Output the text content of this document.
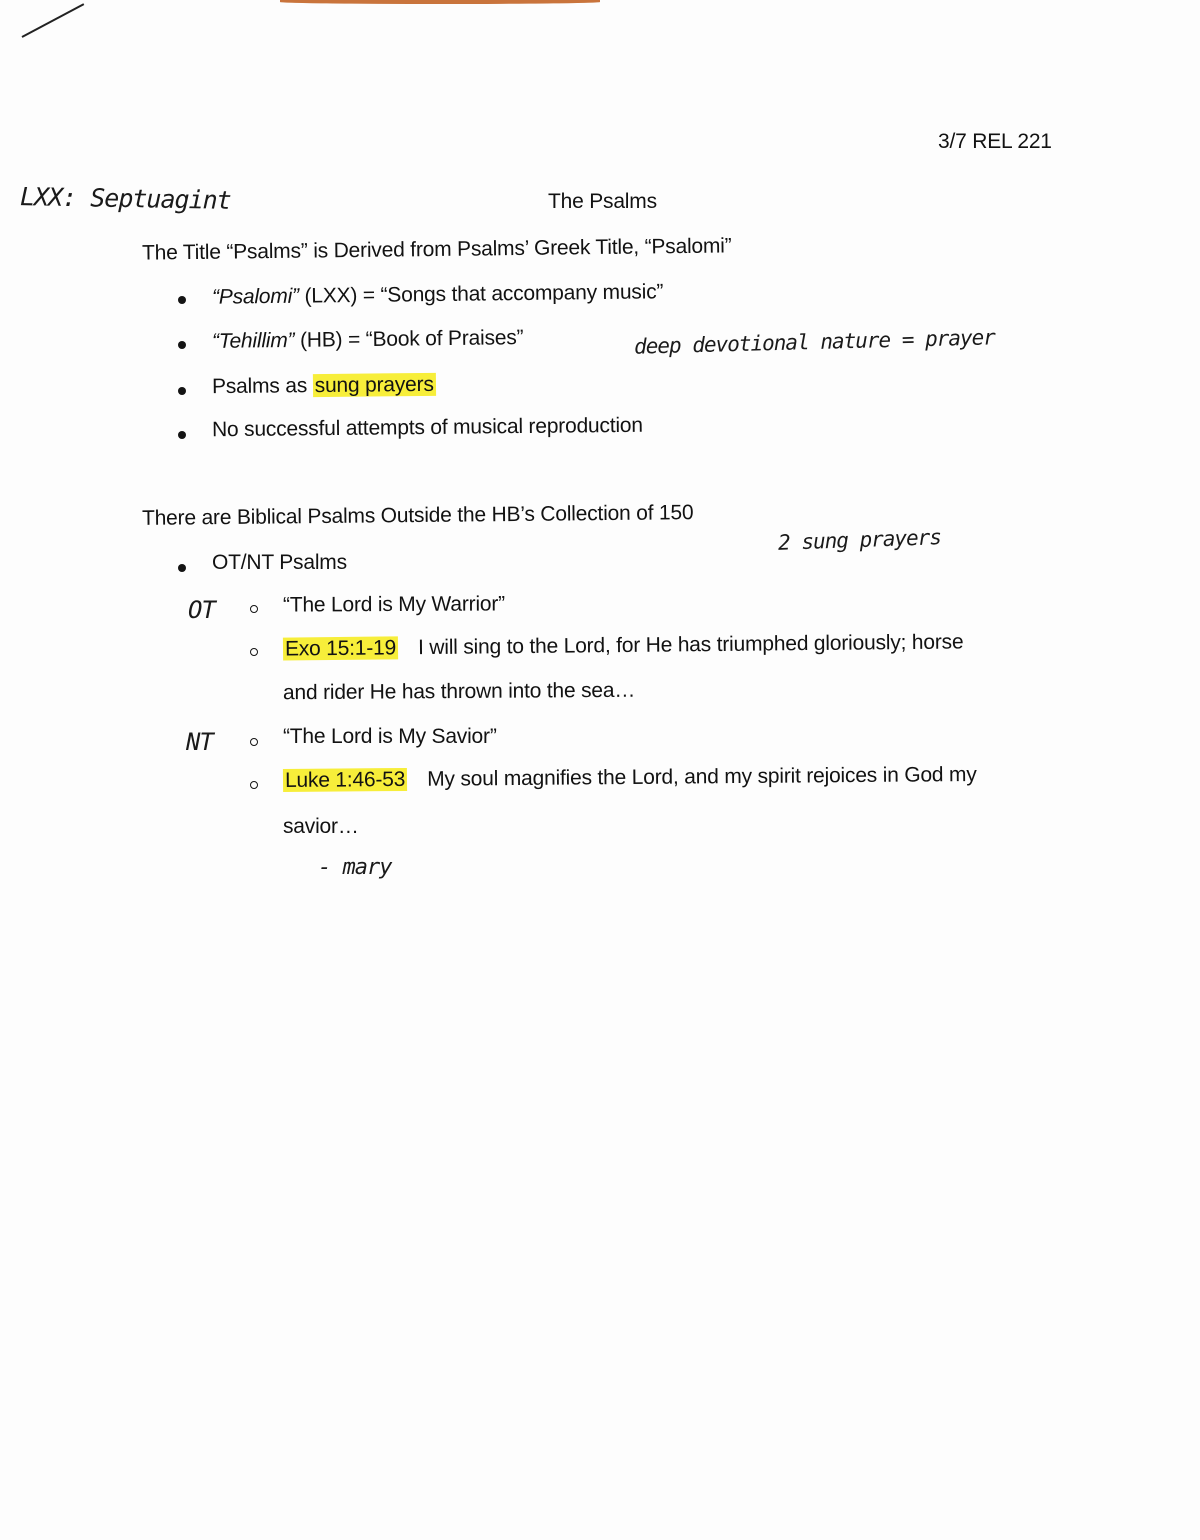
3/7 REL 221
The Psalms
LXX: Septuagint
The Title “Psalms” is Derived from Psalms’ Greek Title, “Psalomi”
“Psalomi” (LXX) = “Songs that accompany music”
“Tehillim” (HB) = “Book of Praises”	deep devotional nature = prayer
Psalms as sung prayers
No successful attempts of musical reproduction
There are Biblical Psalms Outside the HB’s Collection of 150
2 sung prayers
OT/NT Psalms
OT	“The Lord is My Warrior”
Exo 15:1-19 I will sing to the Lord, for He has triumphed gloriously; horse
and rider He has thrown into the sea…
NT	“The Lord is My Savior”
Luke 1:46-53 My soul magnifies the Lord, and my spirit rejoices in God my
savior…
- mary
